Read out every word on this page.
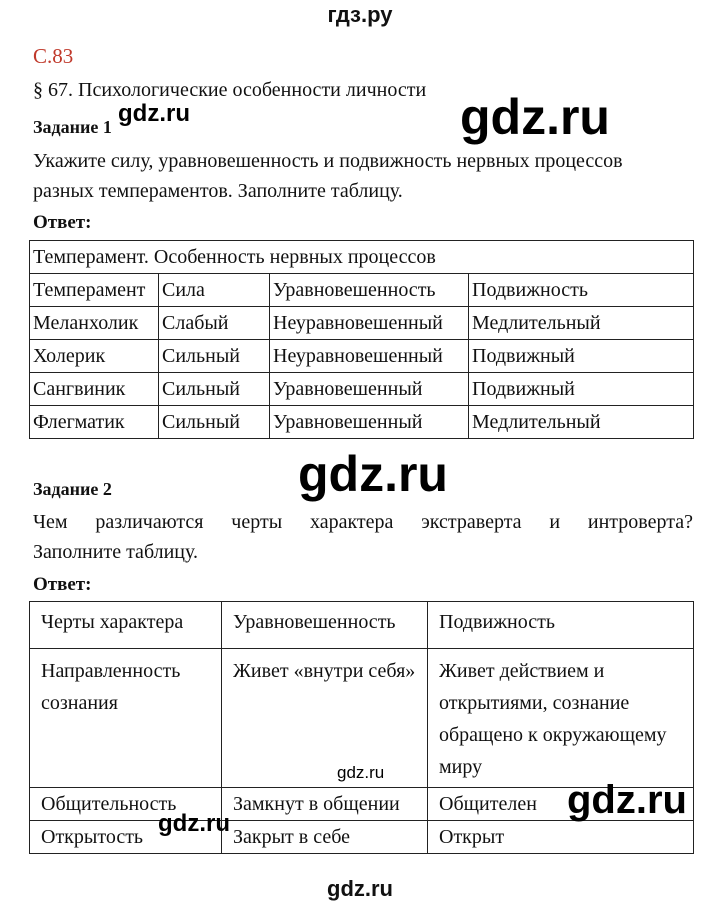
гдз.ру
С.83
§ 67. Психологические особенности личности
Задание 1
Укажите силу, уравновешенность и подвижность нервных процессов
разных темпераментов. Заполните таблицу.
Ответ:
Темперамент. Особенность нервных процессов			
Темперамент	Сила	Уравновешенность	Подвижность
Меланхолик	Слабый	Неуравновешенный	Медлительный
Холерик	Сильный	Неуравновешенный	Подвижный
Сангвиник	Сильный	Уравновешенный	Подвижный
Флегматик	Сильный	Уравновешенный	Медлительный
Задание 2
Чем различаются черты характера экстраверта и интроверта?
Заполните таблицу.
Ответ:
Черты характера	Уравновешенность	Подвижность
Направленность сознания	Живет «внутри себя»	Живет действием и открытиями, сознание обращено к окружающему миру
Общительность	Замкнут в общении	Общителен
Открытость	Закрыт в себе	Открыт
gdz.ru	gdz.ru
gdz.ru
gdz.ru
gdz.ru
gdz.ru
gdz.ru
